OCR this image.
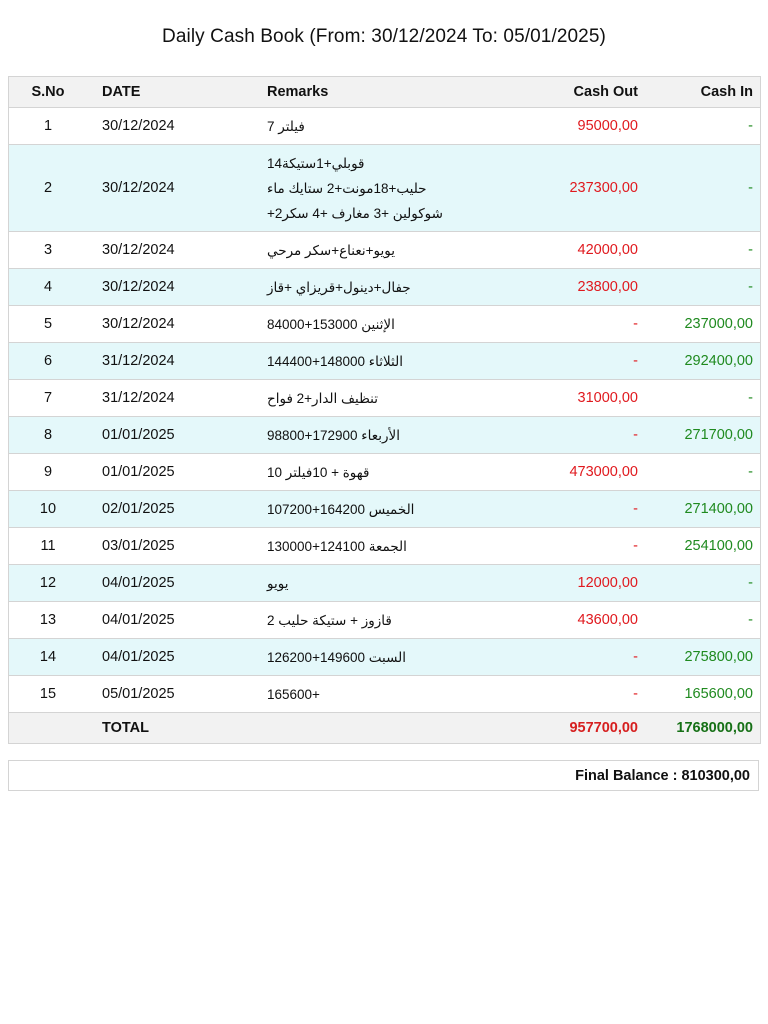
Daily Cash Book (From: 30/12/2024 To: 05/01/2025)
S.No	DATE	Remarks	Cash Out	Cash In
1	30/12/2024	فيلتر 7	95000,00	-
2	30/12/2024	قوبلي+1ستيكة14
حليب+18مونت+2 ستايك ماء
+2شوكولين +3 مغارف +4 سكر	237300,00	-
3	30/12/2024	يويو+نعناع+سكر مرحي	42000,00	-
4	30/12/2024	جفال+دينول+قريزاي +قاز	23800,00	-
5	30/12/2024	الإثنين 153000+84000	-	237000,00
6	31/12/2024	الثلاثاء 148000+144400	-	292400,00
7	31/12/2024	تنظيف الدار+2 فواح	31000,00	-
8	01/01/2025	الأربعاء 172900+98800	-	271700,00
9	01/01/2025	قهوة + 10فيلتر 10	473000,00	-
10	02/01/2025	الخميس 164200+107200	-	271400,00
11	03/01/2025	الجمعة 124100+130000	-	254100,00
12	04/01/2025	يويو	12000,00	-
13	04/01/2025	قازوز + ستيكة حليب 2	43600,00	-
14	04/01/2025	السبت 149600+126200	-	275800,00
15	05/01/2025	165600+	-	165600,00
	TOTAL		957700,00	1768000,00
Final Balance : 810300,00
